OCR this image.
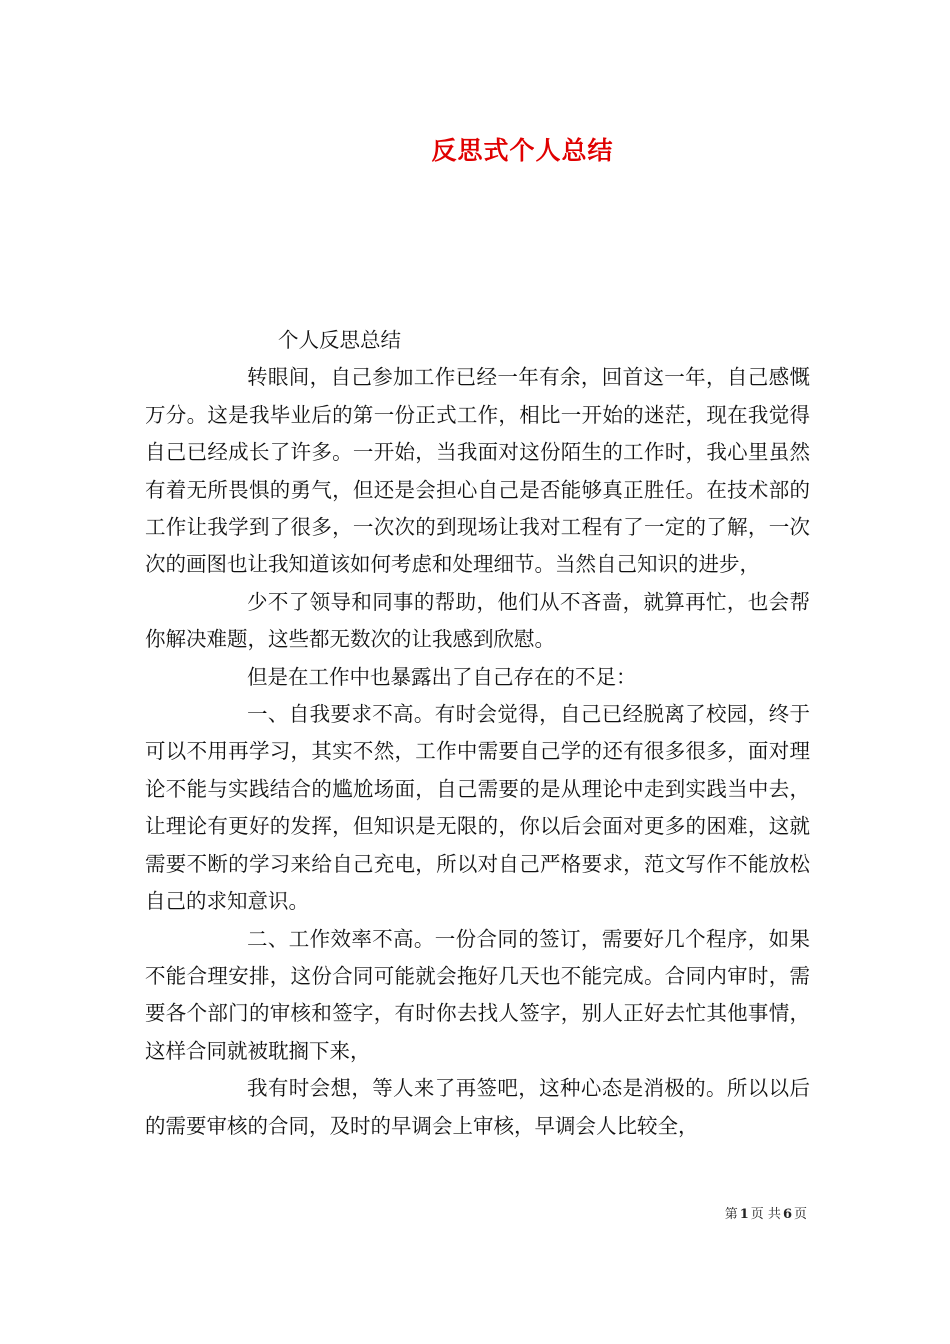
反思式个人总结

个人反思总结

转眼间，自己参加工作已经一年有余，回首这一年，自己感慨万分。这是我毕业后的第一份正式工作，相比一开始的迷茫，现在我觉得自己已经成长了许多。一开始，当我面对这份陌生的工作时，我心里虽然有着无所畏惧的勇气，但还是会担心自己是否能够真正胜任。在技术部的工作让我学到了很多，一次次的到现场让我对工程有了一定的了解，一次次的画图也让我知道该如何考虑和处理细节。当然自己知识的进步，

少不了领导和同事的帮助，他们从不吝啬，就算再忙，也会帮你解决难题，这些都无数次的让我感到欣慰。

但是在工作中也暴露出了自己存在的不足：

一、自我要求不高。有时会觉得，自己已经脱离了校园，终于可以不用再学习，其实不然，工作中需要自己学的还有很多很多，面对理论不能与实践结合的尴尬场面，自己需要的是从理论中走到实践当中去，让理论有更好的发挥，但知识是无限的，你以后会面对更多的困难，这就需要不断的学习来给自己充电，所以对自己严格要求，范文写作不能放松自己的求知意识。

二、工作效率不高。一份合同的签订，需要好几个程序，如果不能合理安排，这份合同可能就会拖好几天也不能完成。合同内审时，需要各个部门的审核和签字，有时你去找人签字，别人正好去忙其他事情，这样合同就被耽搁下来，

我有时会想，等人来了再签吧，这种心态是消极的。所以以后的需要审核的合同，及时的早调会上审核，早调会人比较全，

第 1 页 共 6 页
